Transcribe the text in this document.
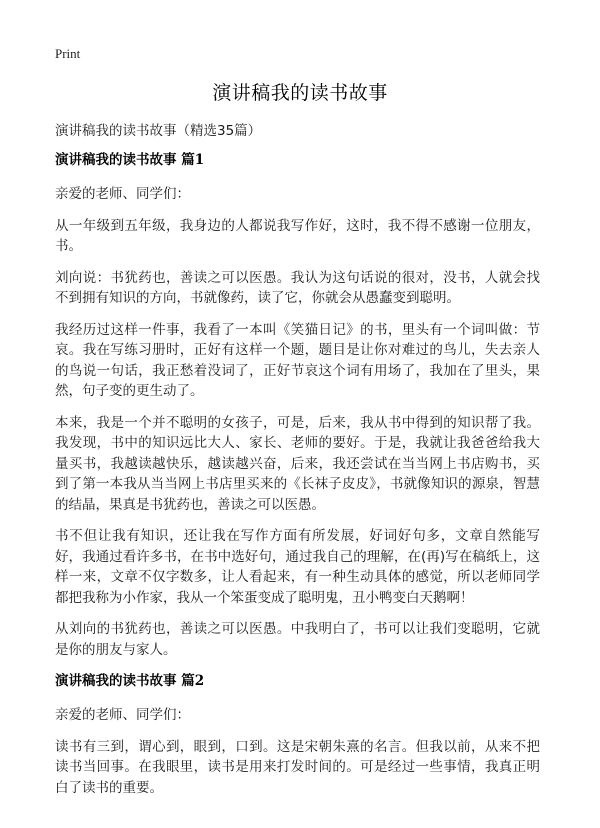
Print
演讲稿我的读书故事
演讲稿我的读书故事（精选35篇）
演讲稿我的读书故事 篇1

亲爱的老师、同学们：

从一年级到五年级，我身边的人都说我写作好，这时，我不得不感谢一位朋友，书。

刘向说：书犹药也，善读之可以医愚。我认为这句话说的很对，没书，人就会找不到拥有知识的方向，书就像药，读了它，你就会从愚蠢变到聪明。

我经历过这样一件事，我看了一本叫《笑猫日记》的书，里头有一个词叫做：节哀。我在写练习册时，正好有这样一个题，题目是让你对难过的鸟儿，失去亲人的鸟说一句话，我正愁着没词了，正好节哀这个词有用场了，我加在了里头，果然，句子变的更生动了。

本来，我是一个并不聪明的女孩子，可是，后来，我从书中得到的知识帮了我。我发现，书中的知识远比大人、家长、老师的要好。于是，我就让我爸爸给我大量买书，我越读越快乐，越读越兴奋，后来，我还尝试在当当网上书店购书，买到了第一本我从当当网上书店里买来的《长袜子皮皮》，书就像知识的源泉，智慧的结晶，果真是书犹药也，善读之可以医愚。

书不但让我有知识，还让我在写作方面有所发展，好词好句多，文章自然能写好，我通过看许多书，在书中选好句，通过我自己的理解，在(再)写在稿纸上，这样一来，文章不仅字数多，让人看起来，有一种生动具体的感觉，所以老师同学都把我称为小作家，我从一个笨蛋变成了聪明鬼，丑小鸭变白天鹅啊！

从刘向的书犹药也，善读之可以医愚。中我明白了，书可以让我们变聪明，它就是你的朋友与家人。

演讲稿我的读书故事 篇2

亲爱的老师、同学们：

读书有三到，谓心到，眼到，口到。这是宋朝朱熹的名言。但我以前，从来不把读书当回事。在我眼里，读书是用来打发时间的。可是经过一些事情，我真正明白了读书的重要。
